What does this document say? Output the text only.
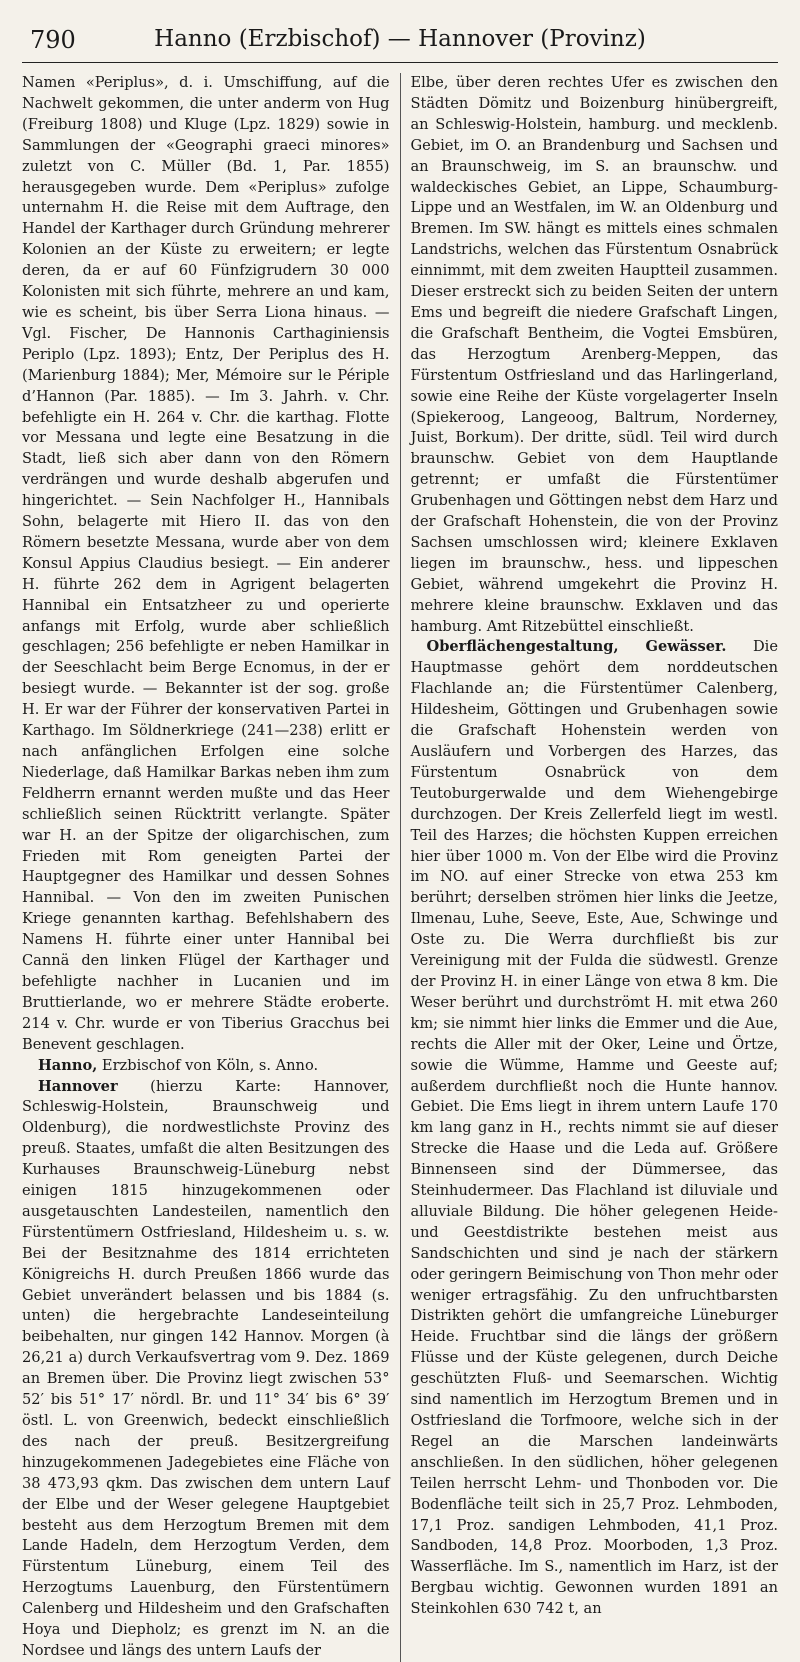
790	Hanno (Erzbischof) — Hannover (Provinz)

Namen «Periplus», d. i. Umschiffung, auf die Nachwelt gekommen, die unter anderm von Hug (Freiburg 1808) und Kluge (Lpz. 1829) sowie in Sammlungen der «Geographi graeci minores» zuletzt von C. Müller (Bd. 1, Par. 1855) herausgegeben wurde. Dem «Periplus» zufolge unternahm H. die Reise mit dem Auftrage, den Handel der Karthager durch Gründung mehrerer Kolonien an der Küste zu erweitern; er legte deren, da er auf 60 Fünfzigrudern 30 000 Kolonisten mit sich führte, mehrere an und kam, wie es scheint, bis über Serra Liona hinaus. — Vgl. Fischer, De Hannonis Carthaginiensis Periplo (Lpz. 1893); Entz, Der Periplus des H. (Marienburg 1884); Mer, Mémoire sur le Périple d’Hannon (Par. 1885). — Im 3. Jahrh. v. Chr. befehligte ein H. 264 v. Chr. die karthag. Flotte vor Messana und legte eine Besatzung in die Stadt, ließ sich aber dann von den Römern verdrängen und wurde deshalb abgerufen und hingerichtet. — Sein Nachfolger H., Hannibals Sohn, belagerte mit Hiero II. das von den Römern besetzte Messana, wurde aber von dem Konsul Appius Claudius besiegt. — Ein anderer H. führte 262 dem in Agrigent belagerten Hannibal ein Entsatzheer zu und operierte anfangs mit Erfolg, wurde aber schließlich geschlagen; 256 befehligte er neben Hamilkar in der Seeschlacht beim Berge Ecnomus, in der er besiegt wurde. — Bekannter ist der sog. große H. Er war der Führer der konservativen Partei in Karthago. Im Söldnerkriege (241—238) erlitt er nach anfänglichen Erfolgen eine solche Niederlage, daß Hamilkar Barkas neben ihm zum Feldherrn ernannt werden mußte und das Heer schließlich seinen Rücktritt verlangte. Später war H. an der Spitze der oligarchischen, zum Frieden mit Rom geneigten Partei der Hauptgegner des Hamilkar und dessen Sohnes Hannibal. — Von den im zweiten Punischen Kriege genannten karthag. Befehlshabern des Namens H. führte einer unter Hannibal bei Cannä den linken Flügel der Karthager und befehligte nachher in Lucanien und im Bruttierlande, wo er mehrere Städte eroberte. 214 v. Chr. wurde er von Tiberius Gracchus bei Benevent geschlagen.

Hanno, Erzbischof von Köln, s. Anno.

Hannover (hierzu Karte: Hannover, Schleswig-Holstein, Braunschweig und Oldenburg), die nordwestlichste Provinz des preuß. Staates, umfaßt die alten Besitzungen des Kurhauses Braunschweig-Lüneburg nebst einigen 1815 hinzugekommenen oder ausgetauschten Landesteilen, namentlich den Fürstentümern Ostfriesland, Hildesheim u. s. w. Bei der Besitznahme des 1814 errichteten Königreichs H. durch Preußen 1866 wurde das Gebiet unverändert belassen und bis 1884 (s. unten) die hergebrachte Landeseinteilung beibehalten, nur gingen 142 Hannov. Morgen (à 26,21 a) durch Verkaufsvertrag vom 9. Dez. 1869 an Bremen über. Die Provinz liegt zwischen 53° 52′ bis 51° 17′ nördl. Br. und 11° 34′ bis 6° 39′ östl. L. von Greenwich, bedeckt einschließlich des nach der preuß. Besitzergreifung hinzugekommenen Jadegebietes eine Fläche von 38 473,93 qkm. Das zwischen dem untern Lauf der Elbe und der Weser gelegene Hauptgebiet besteht aus dem Herzogtum Bremen mit dem Lande Hadeln, dem Herzogtum Verden, dem Fürstentum Lüneburg, einem Teil des Herzogtums Lauenburg, den Fürstentümern Calenberg und Hildesheim und den Grafschaften Hoya und Diepholz; es grenzt im N. an die Nordsee und längs des untern Laufs der

Elbe, über deren rechtes Ufer es zwischen den Städten Dömitz und Boizenburg hinübergreift, an Schleswig-Holstein, hamburg. und mecklenb. Gebiet, im O. an Brandenburg und Sachsen und an Braunschweig, im S. an braunschw. und waldeckisches Gebiet, an Lippe, Schaumburg-Lippe und an Westfalen, im W. an Oldenburg und Bremen. Im SW. hängt es mittels eines schmalen Landstrichs, welchen das Fürstentum Osnabrück einnimmt, mit dem zweiten Hauptteil zusammen. Dieser erstreckt sich zu beiden Seiten der untern Ems und begreift die niedere Grafschaft Lingen, die Grafschaft Bentheim, die Vogtei Emsbüren, das Herzogtum Arenberg-Meppen, das Fürstentum Ostfriesland und das Harlingerland, sowie eine Reihe der Küste vorgelagerter Inseln (Spiekeroog, Langeoog, Baltrum, Norderney, Juist, Borkum). Der dritte, südl. Teil wird durch braunschw. Gebiet von dem Hauptlande getrennt; er umfaßt die Fürstentümer Grubenhagen und Göttingen nebst dem Harz und der Grafschaft Hohenstein, die von der Provinz Sachsen umschlossen wird; kleinere Exklaven liegen im braunschw., hess. und lippeschen Gebiet, während umgekehrt die Provinz H. mehrere kleine braunschw. Exklaven und das hamburg. Amt Ritzebüttel einschließt.

Oberflächengestaltung, Gewässer. Die Hauptmasse gehört dem norddeutschen Flachlande an; die Fürstentümer Calenberg, Hildesheim, Göttingen und Grubenhagen sowie die Grafschaft Hohenstein werden von Ausläufern und Vorbergen des Harzes, das Fürstentum Osnabrück von dem Teutoburgerwalde und dem Wiehengebirge durchzogen. Der Kreis Zellerfeld liegt im westl. Teil des Harzes; die höchsten Kuppen erreichen hier über 1000 m. Von der Elbe wird die Provinz im NO. auf einer Strecke von etwa 253 km berührt; derselben strömen hier links die Jeetze, Ilmenau, Luhe, Seeve, Este, Aue, Schwinge und Oste zu. Die Werra durchfließt bis zur Vereinigung mit der Fulda die südwestl. Grenze der Provinz H. in einer Länge von etwa 8 km. Die Weser berührt und durchströmt H. mit etwa 260 km; sie nimmt hier links die Emmer und die Aue, rechts die Aller mit der Oker, Leine und Örtze, sowie die Wümme, Hamme und Geeste auf; außerdem durchfließt noch die Hunte hannov. Gebiet. Die Ems liegt in ihrem untern Laufe 170 km lang ganz in H., rechts nimmt sie auf dieser Strecke die Haase und die Leda auf. Größere Binnenseen sind der Dümmersee, das Steinhudermeer. Das Flachland ist diluviale und alluviale Bildung. Die höher gelegenen Heide- und Geestdistrikte bestehen meist aus Sandschichten und sind je nach der stärkern oder geringern Beimischung von Thon mehr oder weniger ertragsfähig. Zu den unfruchtbarsten Distrikten gehört die umfangreiche Lüneburger Heide. Fruchtbar sind die längs der größern Flüsse und der Küste gelegenen, durch Deiche geschützten Fluß- und Seemarschen. Wichtig sind namentlich im Herzogtum Bremen und in Ostfriesland die Torfmoore, welche sich in der Regel an die Marschen landeinwärts anschließen. In den südlichen, höher gelegenen Teilen herrscht Lehm- und Thonboden vor. Die Bodenfläche teilt sich in 25,7 Proz. Lehmboden, 17,1 Proz. sandigen Lehmboden, 41,1 Proz. Sandboden, 14,8 Proz. Moorboden, 1,3 Proz. Wasserfläche. Im S., namentlich im Harz, ist der Bergbau wichtig. Gewonnen wurden 1891 an Steinkohlen 630 742 t, an
